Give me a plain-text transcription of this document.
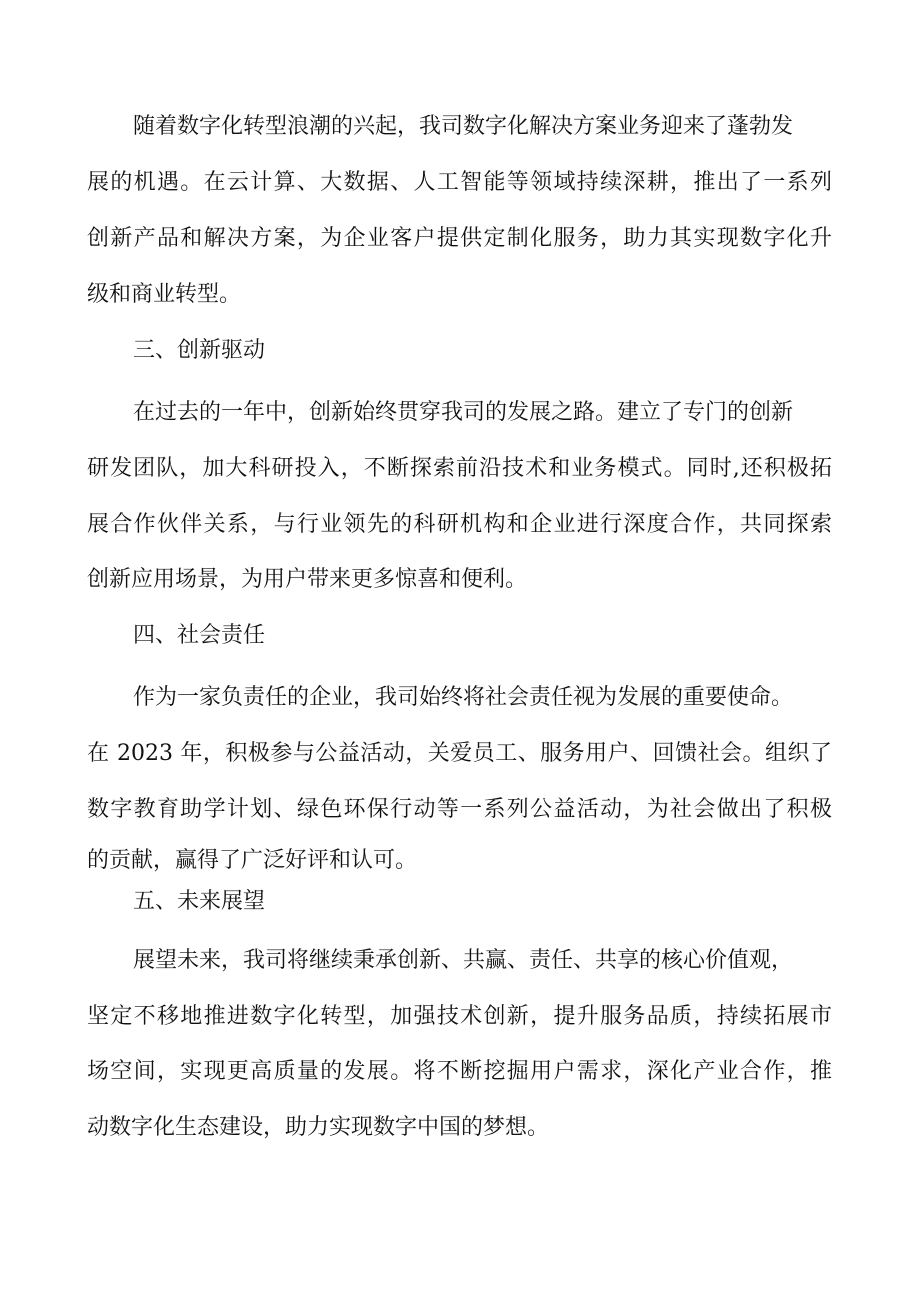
随着数字化转型浪潮的兴起，我司数字化解决方案业务迎来了蓬勃发
展的机遇。在云计算、大数据、人工智能等领域持续深耕，推出了一系列
创新产品和解决方案，为企业客户提供定制化服务，助力其实现数字化升
级和商业转型。
三、创新驱动
在过去的一年中，创新始终贯穿我司的发展之路。建立了专门的创新
研发团队，加大科研投入，不断探索前沿技术和业务模式。同时,还积极拓
展合作伙伴关系，与行业领先的科研机构和企业进行深度合作，共同探索
创新应用场景，为用户带来更多惊喜和便利。
四、社会责任
作为一家负责任的企业，我司始终将社会责任视为发展的重要使命。
在 2023 年，积极参与公益活动，关爱员工、服务用户、回馈社会。组织了
数字教育助学计划、绿色环保行动等一系列公益活动，为社会做出了积极
的贡献，赢得了广泛好评和认可。
五、未来展望
展望未来，我司将继续秉承创新、共赢、责任、共享的核心价值观，
坚定不移地推进数字化转型，加强技术创新，提升服务品质，持续拓展市
场空间，实现更高质量的发展。将不断挖掘用户需求，深化产业合作，推
动数字化生态建设，助力实现数字中国的梦想。
